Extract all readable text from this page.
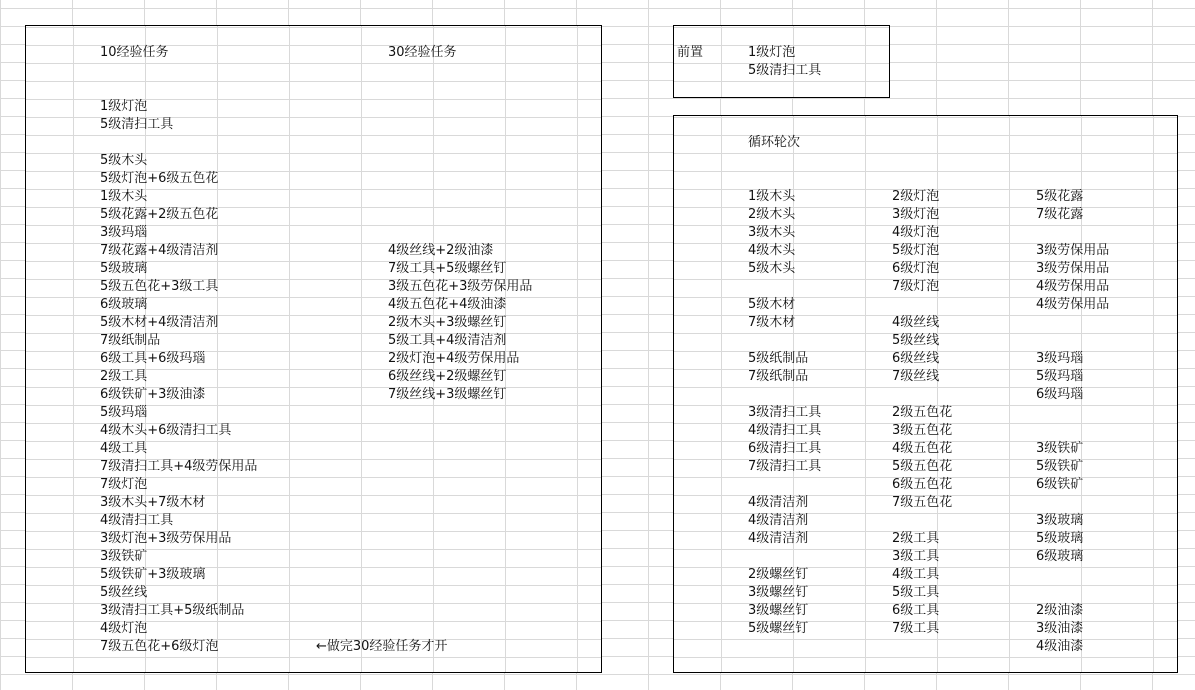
10经验任务	30经验任务
1级灯泡
5级清扫工具
5级木头
5级灯泡+6级五色花
1级木头
5级花露+2级五色花
3级玛瑙
7级花露+4级清洁剂
5级玻璃
5级五色花+3级工具
6级玻璃
5级木材+4级清洁剂
7级纸制品
6级工具+6级玛瑙
2级工具
6级铁矿+3级油漆
5级玛瑙
4级木头+6级清扫工具
4级工具
7级清扫工具+4级劳保用品
7级灯泡
3级木头+7级木材
4级清扫工具
3级灯泡+3级劳保用品
3级铁矿
5级铁矿+3级玻璃
5级丝线
3级清扫工具+5级纸制品
4级灯泡
7级五色花+6级灯泡
4级丝线+2级油漆
7级工具+5级螺丝钉
3级五色花+3级劳保用品
4级五色花+4级油漆
2级木头+3级螺丝钉
5级工具+4级清洁剂
2级灯泡+4级劳保用品
6级丝线+2级螺丝钉
7级丝线+3级螺丝钉
←做完30经验任务才开
前置	1级灯泡
5级清扫工具
循环轮次
1级木头
2级木头
3级木头
4级木头
5级木头
5级木材
7级木材
5级纸制品
7级纸制品
3级清扫工具
4级清扫工具
6级清扫工具
7级清扫工具
4级清洁剂
4级清洁剂
4级清洁剂
2级螺丝钉
3级螺丝钉
3级螺丝钉
5级螺丝钉
2级灯泡
3级灯泡
4级灯泡
5级灯泡
6级灯泡
7级灯泡
4级丝线
5级丝线
6级丝线
7级丝线
2级五色花
3级五色花
4级五色花
5级五色花
6级五色花
7级五色花
2级工具
3级工具
4级工具
5级工具
6级工具
7级工具
5级花露
7级花露
3级劳保用品
3级劳保用品
4级劳保用品
4级劳保用品
3级玛瑙
5级玛瑙
6级玛瑙
3级铁矿
5级铁矿
6级铁矿
3级玻璃
5级玻璃
6级玻璃
2级油漆
3级油漆
4级油漆
